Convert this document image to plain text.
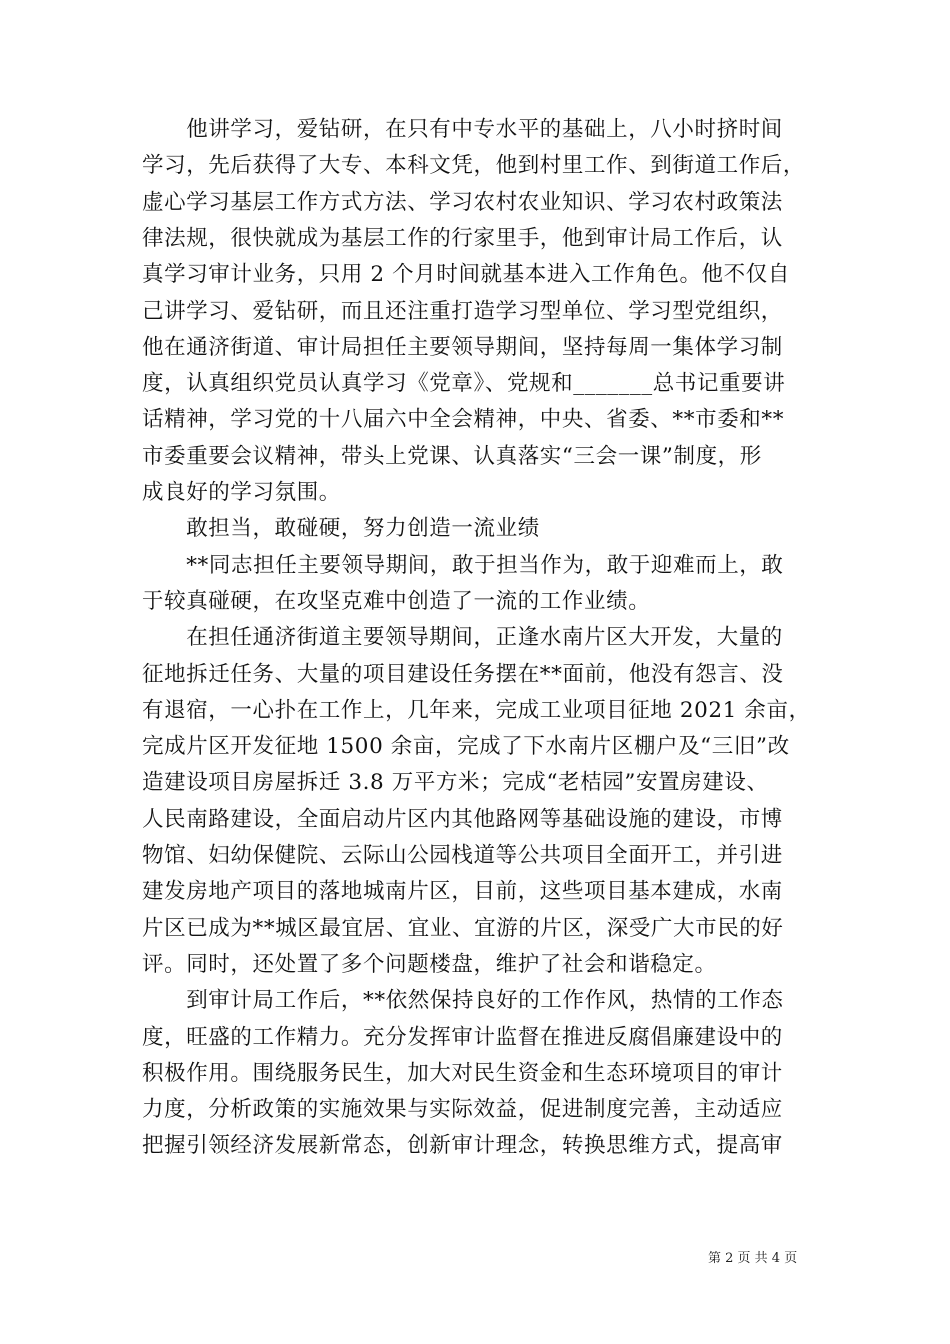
　　他讲学习，爱钻研，在只有中专水平的基础上，八小时挤时间
学习，先后获得了大专、本科文凭，他到村里工作、到街道工作后，
虚心学习基层工作方式方法、学习农村农业知识、学习农村政策法
律法规，很快就成为基层工作的行家里手，他到审计局工作后，认
真学习审计业务，只用 2 个月时间就基本进入工作角色。他不仅自
己讲学习、爱钻研，而且还注重打造学习型单位、学习型党组织，
他在通济街道、审计局担任主要领导期间，坚持每周一集体学习制
度，认真组织党员认真学习《党章》、党规和_______总书记重要讲
话精神，学习党的十八届六中全会精神，中央、省委、**市委和**
市委重要会议精神，带头上党课、认真落实“三会一课”制度，形
成良好的学习氛围。
　　敢担当，敢碰硬，努力创造一流业绩
　　**同志担任主要领导期间，敢于担当作为，敢于迎难而上，敢
于较真碰硬，在攻坚克难中创造了一流的工作业绩。
　　在担任通济街道主要领导期间，正逢水南片区大开发，大量的
征地拆迁任务、大量的项目建设任务摆在**面前，他没有怨言、没
有退宿，一心扑在工作上，几年来，完成工业项目征地 2021 余亩，
完成片区开发征地 1500 余亩，完成了下水南片区棚户及“三旧”改
造建设项目房屋拆迁 3.8 万平方米；完成“老桔园”安置房建设、
人民南路建设，全面启动片区内其他路网等基础设施的建设，市博
物馆、妇幼保健院、云际山公园栈道等公共项目全面开工，并引进
建发房地产项目的落地城南片区，目前，这些项目基本建成，水南
片区已成为**城区最宜居、宜业、宜游的片区，深受广大市民的好
评。同时，还处置了多个问题楼盘，维护了社会和谐稳定。
　　到审计局工作后，**依然保持良好的工作作风，热情的工作态
度，旺盛的工作精力。充分发挥审计监督在推进反腐倡廉建设中的
积极作用。围绕服务民生，加大对民生资金和生态环境项目的审计
力度，分析政策的实施效果与实际效益，促进制度完善，主动适应
把握引领经济发展新常态，创新审计理念，转换思维方式，提高审
第 2 页 共 4 页
